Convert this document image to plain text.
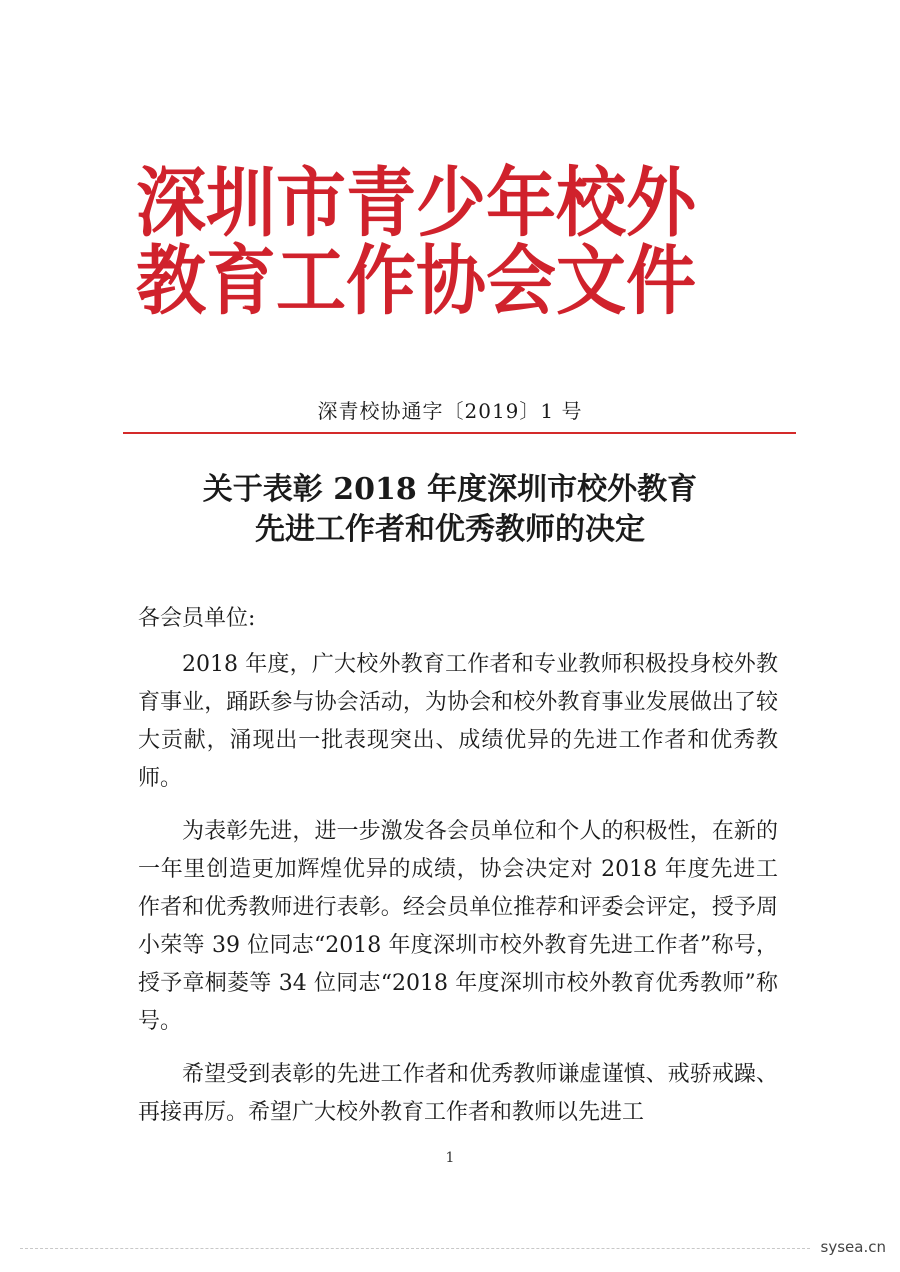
深圳市青少年校外
教育工作协会文件
深青校协通字〔2019〕1 号
关于表彰 2018 年度深圳市校外教育
先进工作者和优秀教师的决定
各会员单位:

2018 年度，广大校外教育工作者和专业教师积极投身校外教育事业，踊跃参与协会活动，为协会和校外教育事业发展做出了较大贡献，涌现出一批表现突出、成绩优异的先进工作者和优秀教师。

为表彰先进，进一步激发各会员单位和个人的积极性，在新的一年里创造更加辉煌优异的成绩，协会决定对 2018 年度先进工作者和优秀教师进行表彰。经会员单位推荐和评委会评定，授予周小荣等 39 位同志“2018 年度深圳市校外教育先进工作者”称号，授予章桐菱等 34 位同志“2018 年度深圳市校外教育优秀教师”称号。

希望受到表彰的先进工作者和优秀教师谦虚谨慎、戒骄戒躁、再接再厉。希望广大校外教育工作者和教师以先进工

1
sysea.cn
